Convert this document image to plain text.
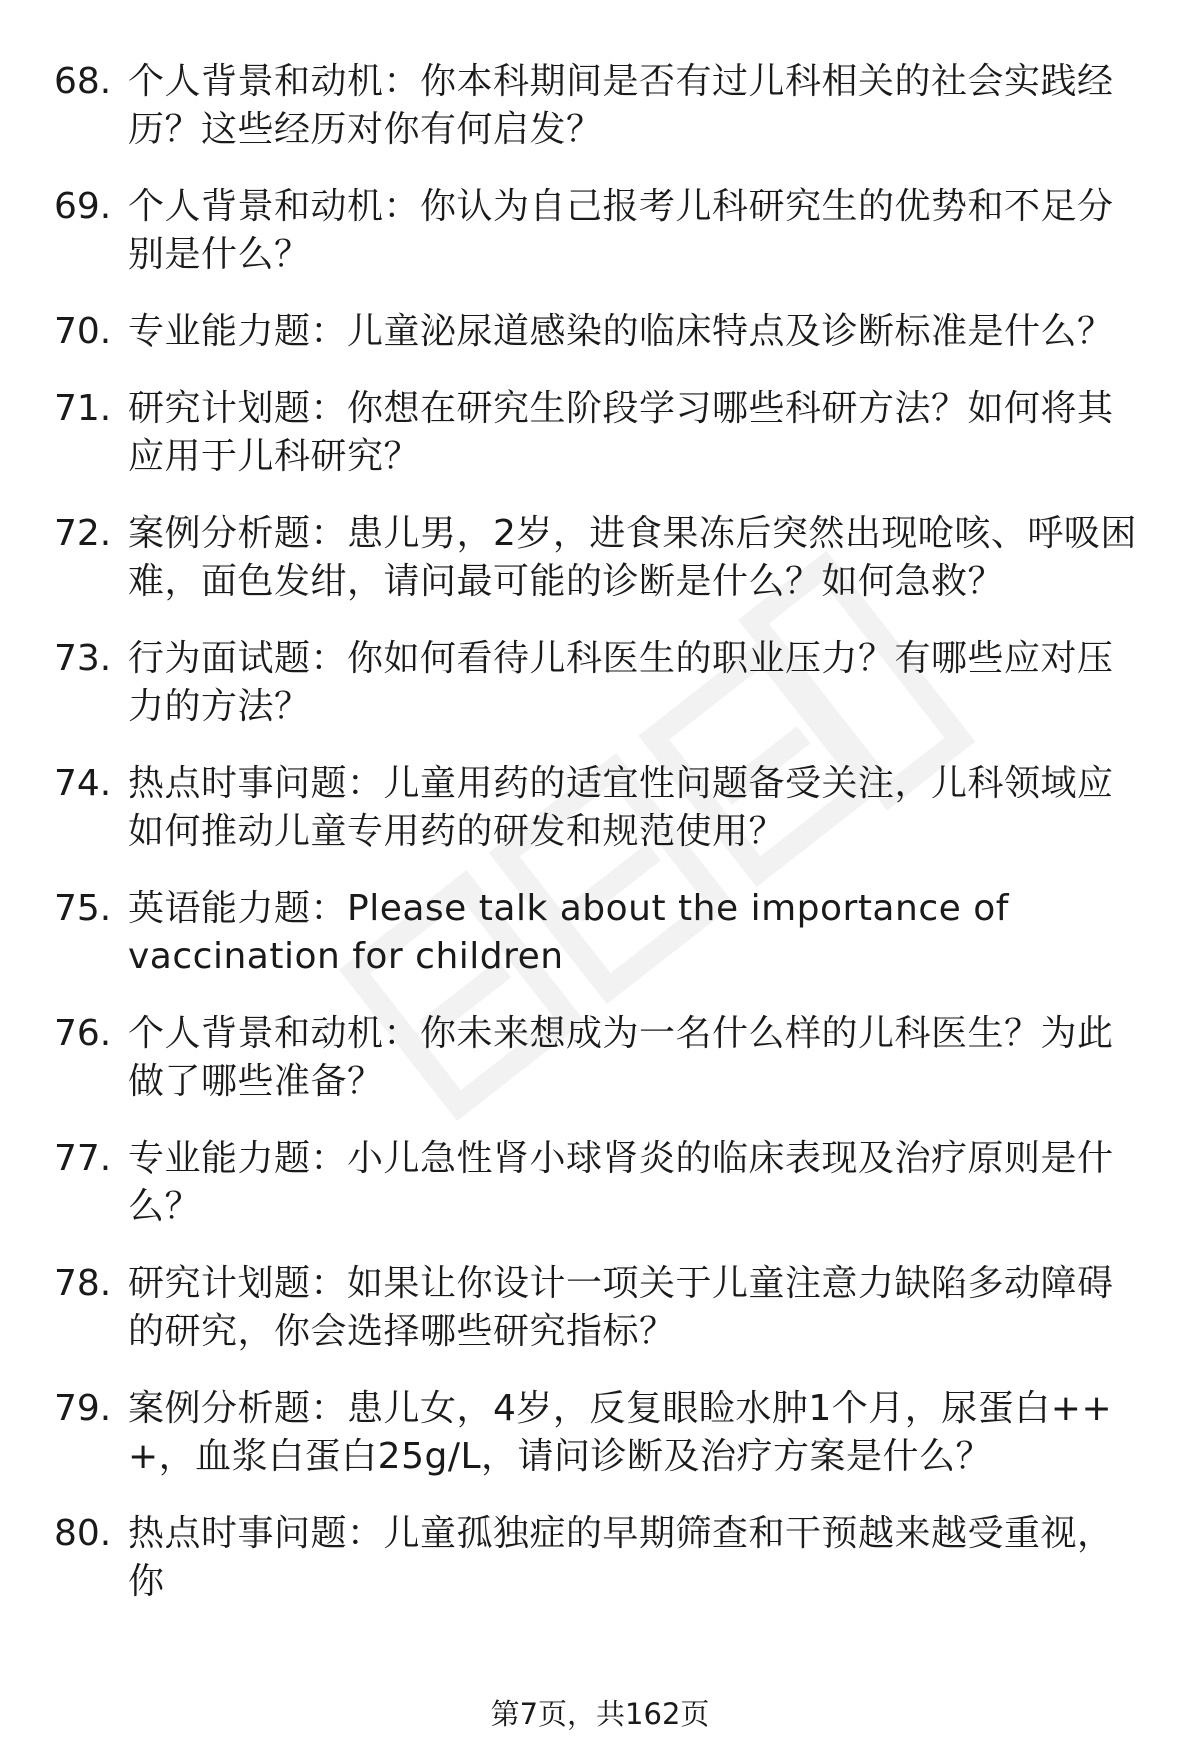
68. 个人背景和动机：你本科期间是否有过儿科相关的社会实践经历？这些经历对你有何启发？
69. 个人背景和动机：你认为自己报考儿科研究生的优势和不足分别是什么？
70. 专业能力题：儿童泌尿道感染的临床特点及诊断标准是什么？
71. 研究计划题：你想在研究生阶段学习哪些科研方法？如何将其应用于儿科研究？
72. 案例分析题：患儿男，2岁，进食果冻后突然出现呛咳、呼吸困难，面色发绀，请问最可能的诊断是什么？如何急救？
73. 行为面试题：你如何看待儿科医生的职业压力？有哪些应对压力的方法？
74. 热点时事问题：儿童用药的适宜性问题备受关注，儿科领域应如何推动儿童专用药的研发和规范使用？
75. 英语能力题：Please talk about the importance of vaccination for children
76. 个人背景和动机：你未来想成为一名什么样的儿科医生？为此做了哪些准备？
77. 专业能力题：小儿急性肾小球肾炎的临床表现及治疗原则是什么？
78. 研究计划题：如果让你设计一项关于儿童注意力缺陷多动障碍的研究，你会选择哪些研究指标？
79. 案例分析题：患儿女，4岁，反复眼睑水肿1个月，尿蛋白+++，血浆白蛋白25g/L，请问诊断及治疗方案是什么？
80. 热点时事问题：儿童孤独症的早期筛查和干预越来越受重视，你
第7页，共162页
